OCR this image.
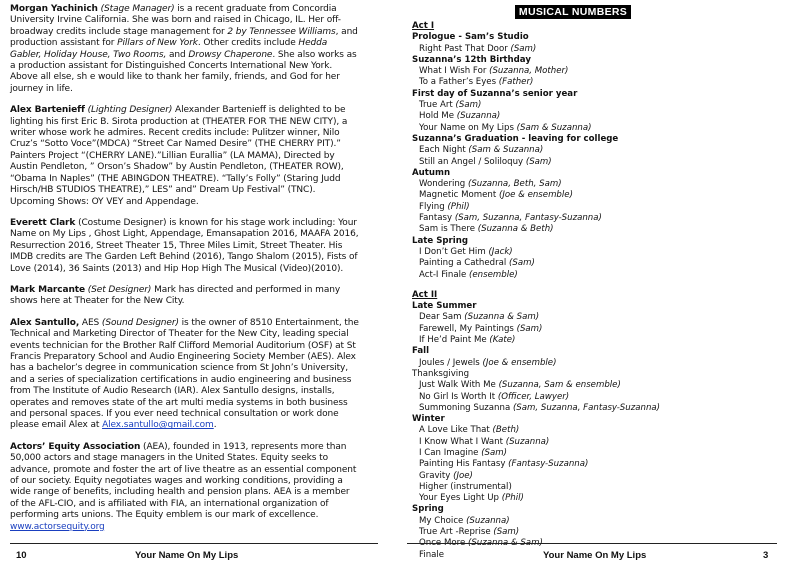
Morgan Yachinich (Stage Manager) is a recent graduate from Concordia University Irvine California. She was born and raised in Chicago, IL. Her off-broadway credits include stage management for 2 by Tennessee Williams, and production assistant for Pillars of New York. Other credits include Hedda Gabler, Holiday House, Two Rooms, and Drowsy Chaperone. She also works as a production assistant for Distinguished Concerts International New York. Above all else, sh e would like to thank her family, friends, and God for her journey in life.

Alex Bartenieff (Lighting Designer) Alexander Bartenieff is delighted to be lighting his first Eric B. Sirota production at (THEATER FOR THE NEW CITY), a writer whose work he admires. Recent credits include: Pulitzer winner, Nilo Cruz’s “Sotto Voce”(MDCA) “Street Car Named Desire” (THE CHERRY PIT).” Painters Project “(CHERRY LANE).”Lillian Eurallia” (LA MAMA), Directed by Austin Pendleton, ” Orson’s Shadow” by Austin Pendleton, (THEATER ROW), “Obama In Naples” (THE ABINGDON THEATRE). “Tally’s Folly” (Staring Judd Hirsch/HB STUDIOS THEATRE),” LES” and” Dream Up Festival” (TNC). Upcoming Shows: OY VEY and Appendage.

Everett Clark (Costume Designer) is known for his stage work including: Your Name on My Lips , Ghost Light, Appendage, Emansapation 2016, MAAFA 2016, Resurrection 2016, Street Theater 15, Three Miles Limit, Street Theater. His IMDB credits are The Garden Left Behind (2016), Tango Shalom (2015), Fists of Love (2014), 36 Saints (2013) and Hip Hop High The Musical (Video)(2010).

Mark Marcante (Set Designer) Mark has directed and performed in many shows here at Theater for the New City.

Alex Santullo, AES (Sound Designer) is the owner of 8510 Entertainment, the Technical and Marketing Director of Theater for the New City, leading special events technician for the Brother Ralf Clifford Memorial Auditorium (OSF) at St Francis Preparatory School and Audio Engineering Society Member (AES). Alex has a bachelor’s degree in communication science from St John’s University, and a series of specialization certifications in audio engineering and business from The Institute of Audio Research (IAR). Alex Santullo designs, installs, operates and removes state of the art multi media systems in both business and personal spaces. If you ever need technical consultation or work done please email Alex at Alex.santullo@gmail.com.

Actors’ Equity Association (AEA), founded in 1913, represents more than 50,000 actors and stage managers in the United States. Equity seeks to advance, promote and foster the art of live theatre as an essential component of our society. Equity negotiates wages and working conditions, providing a wide range of benefits, including health and pension plans. AEA is a member of the AFL-CIO, and is affiliated with FIA, an international organization of performing arts unions. The Equity emblem is our mark of excellence. www.actorsequity.org

10	Your Name On My Lips
MUSICAL NUMBERS
Act I
Prologue - Sam’s Studio
Right Past That Door (Sam)
Suzanna’s 12th Birthday
What I Wish For (Suzanna, Mother)
To a Father’s Eyes (Father)
First day of Suzanna’s senior year
True Art (Sam)
Hold Me (Suzanna)
Your Name on My Lips (Sam & Suzanna)
Suzanna’s Graduation - leaving for college
Each Night (Sam & Suzanna)
Still an Angel / Soliloquy (Sam)
Autumn
Wondering (Suzanna, Beth, Sam)
Magnetic Moment (Joe & ensemble)
Flying (Phil)
Fantasy (Sam, Suzanna, Fantasy-Suzanna)
Sam is There (Suzanna & Beth)
Late Spring
I Don’t Get Him (Jack)
Painting a Cathedral (Sam)
Act-I Finale (ensemble)
Act II
Late Summer
Dear Sam (Suzanna & Sam)
Farewell, My Paintings (Sam)
If He’d Paint Me (Kate)
Fall
Joules / Jewels (Joe & ensemble)
Thanksgiving
Just Walk With Me (Suzanna, Sam & ensemble)
No Girl Is Worth It (Officer, Lawyer)
Summoning Suzanna (Sam, Suzanna, Fantasy-Suzanna)
Winter
A Love Like That (Beth)
I Know What I Want (Suzanna)
I Can Imagine (Sam)
Painting His Fantasy (Fantasy-Suzanna)
Gravity (Joe)
Higher (instrumental)
Your Eyes Light Up (Phil)
Spring
My Choice (Suzanna)
True Art -Reprise (Sam)
Once More (Suzanna & Sam)
Finale	Your Name On My Lips	3
